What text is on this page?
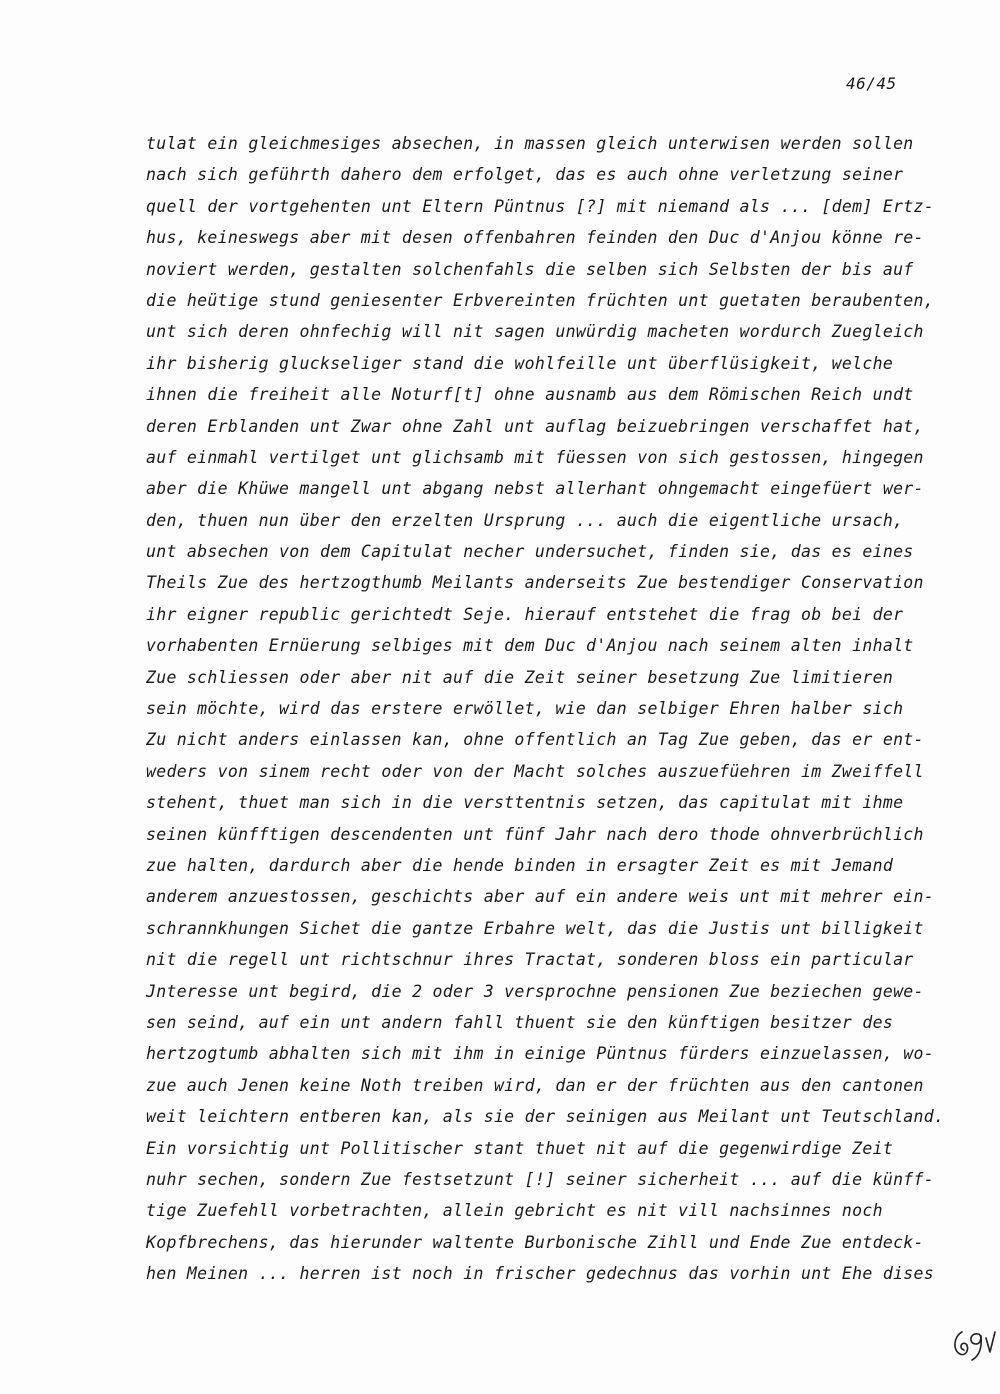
46/45
tulat ein gleichmesiges absechen, in massen gleich unterwisen werden sollen
nach sich geführth dahero dem erfolget, das es auch ohne verletzung seiner
quell der vortgehenten unt Eltern Püntnus [?] mit niemand als ... [dem] Ertz-
hus, keineswegs aber mit desen offenbahren feinden den Duc d'Anjou könne re-
noviert werden, gestalten solchenfahls die selben sich Selbsten der bis auf
die heütige stund geniesenter Erbvereinten früchten unt guetaten beraubenten,
unt sich deren ohnfechig will nit sagen unwürdig macheten wordurch Zuegleich
ihr bisherig gluckseliger stand die wohlfeille unt überflüsigkeit, welche
ihnen die freiheit alle Noturf[t] ohne ausnamb aus dem Römischen Reich undt
deren Erblanden unt Zwar ohne Zahl unt auflag beizuebringen verschaffet hat,
auf einmahl vertilget unt glichsamb mit füessen von sich gestossen, hingegen
aber die Khüwe mangell unt abgang nebst allerhant ohngemacht eingefüert wer-
den, thuen nun über den erzelten Ursprung ... auch die eigentliche ursach,
unt absechen von dem Capitulat necher undersuchet, finden sie, das es eines
Theils Zue des hertzogthumb Meilants anderseits Zue bestendiger Conservation
ihr eigner republic gerichtedt Seje. hierauf entstehet die frag ob bei der
vorhabenten Ernüerung selbiges mit dem Duc d'Anjou nach seinem alten inhalt
Zue schliessen oder aber nit auf die Zeit seiner besetzung Zue limitieren
sein möchte, wird das erstere erwöllet, wie dan selbiger Ehren halber sich
Zu nicht anders einlassen kan, ohne offentlich an Tag Zue geben, das er ent-
weders von sinem recht oder von der Macht solches auszuefüehren im Zweiffell
stehent, thuet man sich in die versttentnis setzen, das capitulat mit ihme
seinen künfftigen descendenten unt fünf Jahr nach dero thode ohnverbrüchlich
zue halten, dardurch aber die hende binden in ersagter Zeit es mit Jemand
anderem anzuestossen, geschichts aber auf ein andere weis unt mit mehrer ein-
schrannkhungen Sichet die gantze Erbahre welt, das die Justis unt billigkeit
nit die regell unt richtschnur ihres Tractat, sonderen bloss ein particular
Jnteresse unt begird, die 2 oder 3 versprochne pensionen Zue beziechen gewe-
sen seind, auf ein unt andern fahll thuent sie den künftigen besitzer des
hertzogtumb abhalten sich mit ihm in einige Püntnus fürders einzuelassen, wo-
zue auch Jenen keine Noth treiben wird, dan er der früchten aus den cantonen
weit leichtern entberen kan, als sie der seinigen aus Meilant unt Teutschland.
Ein vorsichtig unt Pollitischer stant thuet nit auf die gegenwirdige Zeit
nuhr sechen, sondern Zue festsetzunt [!] seiner sicherheit ... auf die künff-
tige Zuefehll vorbetrachten, allein gebricht es nit vill nachsinnes noch
Kopfbrechens, das hierunder waltente Burbonische Zihll und Ende Zue entdeck-
hen Meinen ... herren ist noch in frischer gedechnus das vorhin unt Ehe dises
